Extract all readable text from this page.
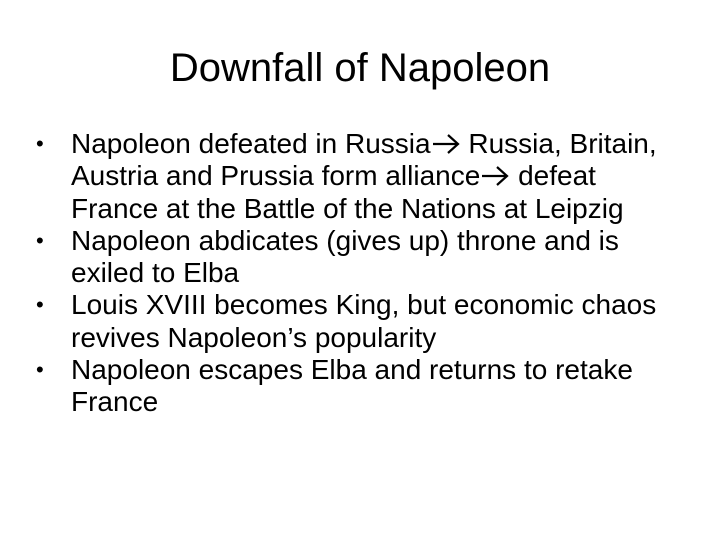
Downfall of Napoleon
• Napoleon defeated in Russia Russia, Britain, Austria and Prussia form alliance defeat France at the Battle of the Nations at Leipzig
• Napoleon abdicates (gives up) throne and is exiled to Elba
• Louis XVIII becomes King, but economic chaos revives Napoleon’s popularity
• Napoleon escapes Elba and returns to retake France
